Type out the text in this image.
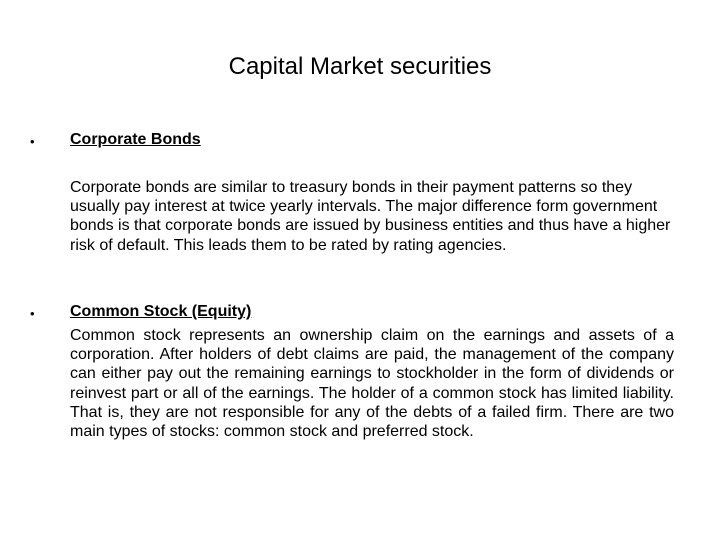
Capital Market securities
• Corporate Bonds

Corporate bonds are similar to treasury bonds in their payment patterns so they usually pay interest at twice yearly intervals. The major difference form government bonds is that corporate bonds are issued by business entities and thus have a higher risk of default. This leads them to be rated by rating agencies.

• Common Stock (Equity)

Common stock represents an ownership claim on the earnings and assets of a corporation. After holders of debt claims are paid, the management of the company can either pay out the remaining earnings to stockholder in the form of dividends or reinvest part or all of the earnings. The holder of a common stock has limited liability. That is, they are not responsible for any of the debts of a failed firm. There are two main types of stocks: common stock and preferred stock.
